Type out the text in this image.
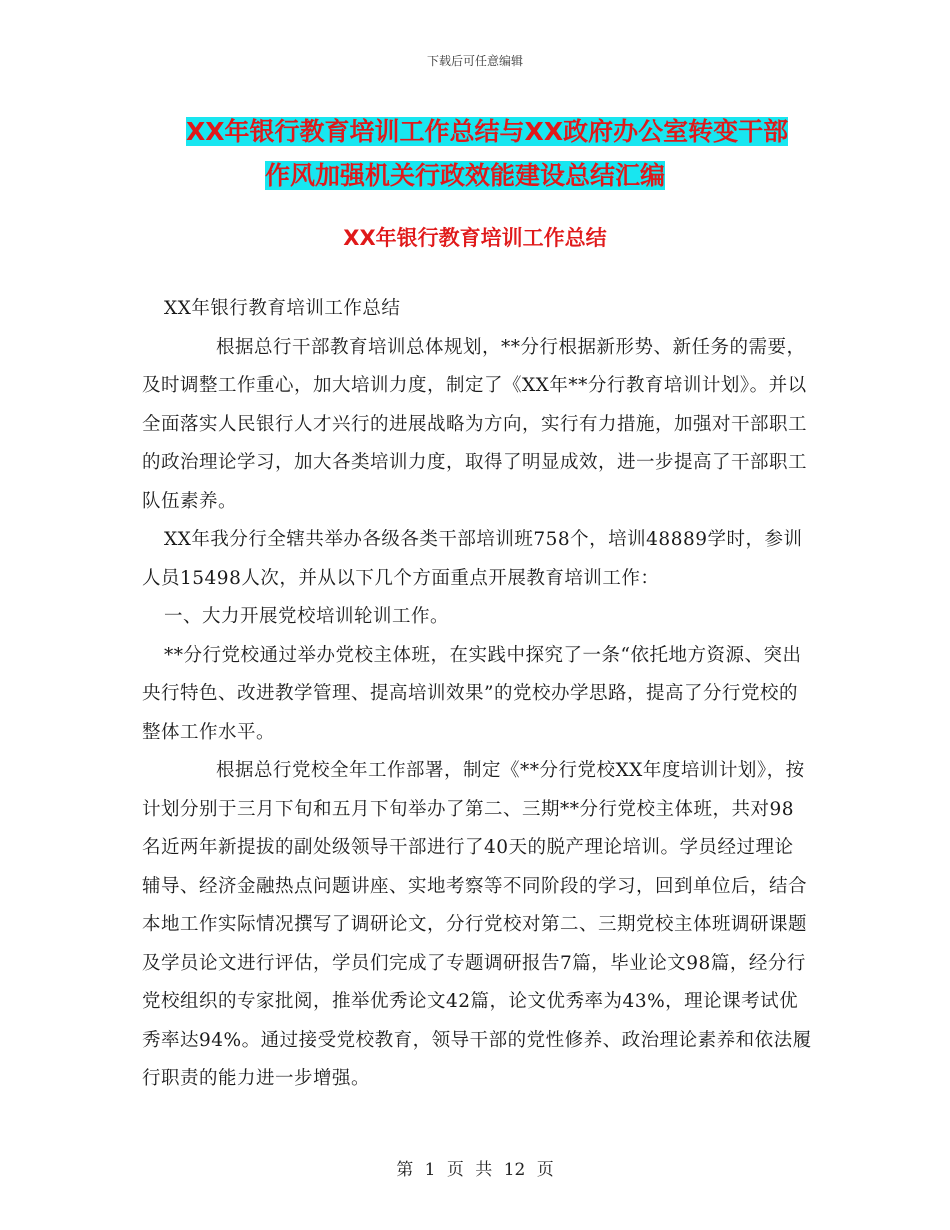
下载后可任意编辑
XX年银行教育培训工作总结与XX政府办公室转变干部
作风加强机关行政效能建设总结汇编
XX年银行教育培训工作总结

XX年银行教育培训工作总结

根据总行干部教育培训总体规划，**分行根据新形势、新任务的需要，及时调整工作重心，加大培训力度，制定了《XX年**分行教育培训计划》。并以全面落实人民银行人才兴行的进展战略为方向，实行有力措施，加强对干部职工的政治理论学习，加大各类培训力度，取得了明显成效，进一步提高了干部职工队伍素养。

XX年我分行全辖共举办各级各类干部培训班758个，培训48889学时，参训人员15498人次，并从以下几个方面重点开展教育培训工作：

一、大力开展党校培训轮训工作。

**分行党校通过举办党校主体班，在实践中探究了一条“依托地方资源、突出央行特色、改进教学管理、提高培训效果”的党校办学思路，提高了分行党校的整体工作水平。

根据总行党校全年工作部署，制定《**分行党校XX年度培训计划》，按计划分别于三月下旬和五月下旬举办了第二、三期**分行党校主体班，共对98名近两年新提拔的副处级领导干部进行了40天的脱产理论培训。学员经过理论辅导、经济金融热点问题讲座、实地考察等不同阶段的学习，回到单位后，结合本地工作实际情况撰写了调研论文，分行党校对第二、三期党校主体班调研课题及学员论文进行评估，学员们完成了专题调研报告7篇，毕业论文98篇，经分行党校组织的专家批阅，推举优秀论文42篇，论文优秀率为43%，理论课考试优秀率达94%。通过接受党校教育，领导干部的党性修养、政治理论素养和依法履行职责的能力进一步增强。

第 1 页 共 12 页
